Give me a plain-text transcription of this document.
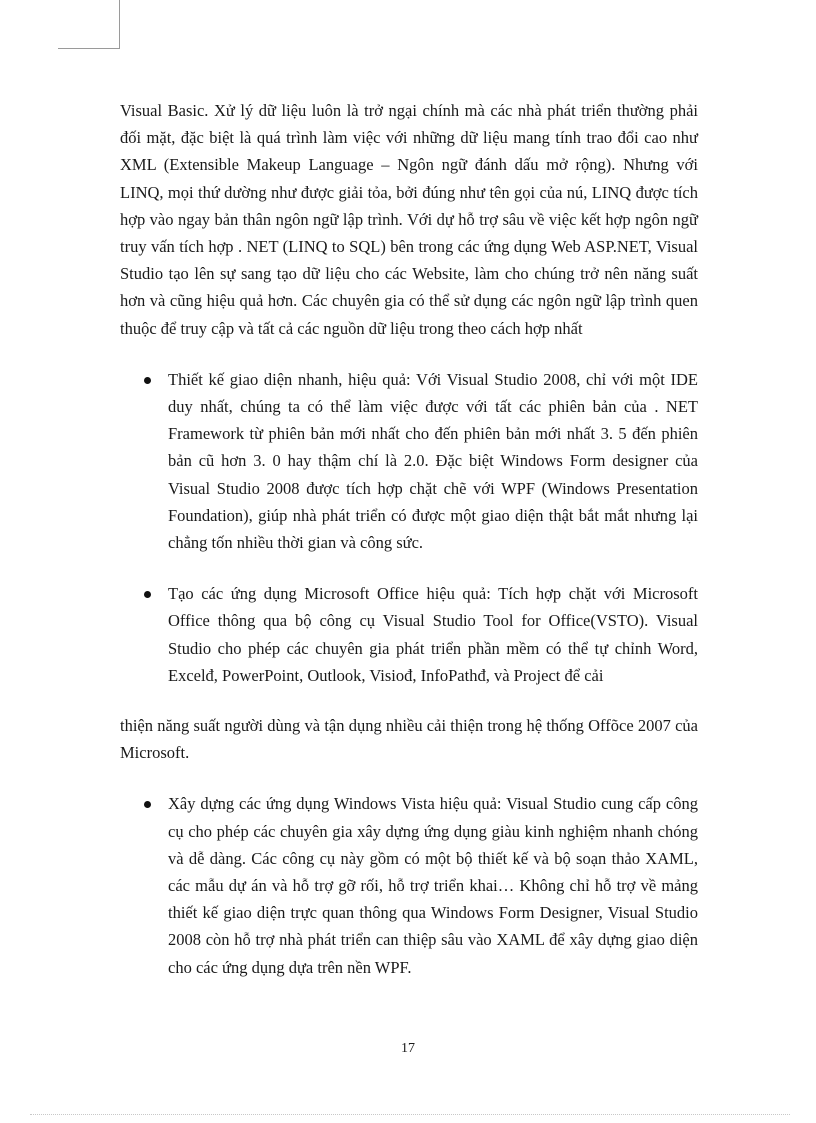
Visual Basic. Xử lý dữ liệu luôn là trở ngại chính mà các nhà phát triển thường phải đối mặt, đặc biệt là quá trình làm việc với những dữ liệu mang tính trao đổi cao như XML (Extensible Makeup Language – Ngôn ngữ đánh dấu mở rộng). Nhưng với LINQ, mọi thứ dường như được giải tỏa, bởi đúng như tên gọi của nú, LINQ được tích hợp vào ngay bản thân ngôn ngữ lập trình. Với dự hỗ trợ sâu về việc kết hợp ngôn ngữ truy vấn tích hợp . NET (LINQ to SQL) bên trong các ứng dụng Web ASP.NET, Visual Studio tạo lên sự sang tạo dữ liệu cho các Website, làm cho chúng trở nên năng suất hơn và cũng hiệu quả hơn. Các chuyên gia có thể sử dụng các ngôn ngữ lập trình quen thuộc để truy cập và tất cả các nguồn dữ liệu trong theo cách hợp nhất

Thiết kế giao diện nhanh, hiệu quả: Với Visual Studio 2008, chỉ với một IDE duy nhất, chúng ta có thể làm việc được với tất các phiên bản của . NET Framework từ phiên bản mới nhất cho đến phiên bản mới nhất 3. 5 đến phiên bản cũ hơn 3. 0 hay thậm chí là 2.0. Đặc biệt Windows Form designer của Visual Studio 2008 được tích hợp chặt chẽ với WPF (Windows Presentation Foundation), giúp nhà phát triển có được một giao diện thật bắt mắt nhưng lại chẳng tốn nhiều thời gian và công sức.
Tạo các ứng dụng Microsoft Office hiệu quả: Tích hợp chặt với Microsoft Office thông qua bộ công cụ Visual Studio Tool for Office(VSTO). Visual Studio cho phép các chuyên gia phát triển phần mềm có thể tự chỉnh Word, Excelđ, PowerPoint, Outlook, Visiođ, InfoPathđ, và Project để cải

thiện năng suất người dùng và tận dụng nhiều cải thiện trong hệ thống Offõce 2007 của Microsoft.

Xây dựng các ứng dụng Windows Vista hiệu quả: Visual Studio cung cấp công cụ cho phép các chuyên gia xây dựng ứng dụng giàu kinh nghiệm nhanh chóng và dễ dàng. Các công cụ này gồm có một bộ thiết kế và bộ soạn thảo XAML, các mẫu dự án và hỗ trợ gỡ rối, hỗ trợ triển khai… Không chỉ hỗ trợ về mảng thiết kế giao diện trực quan thông qua Windows Form Designer, Visual Studio 2008 còn hỗ trợ nhà phát triển can thiệp sâu vào XAML để xây dựng giao diện cho các ứng dụng dựa trên nền WPF.
17
